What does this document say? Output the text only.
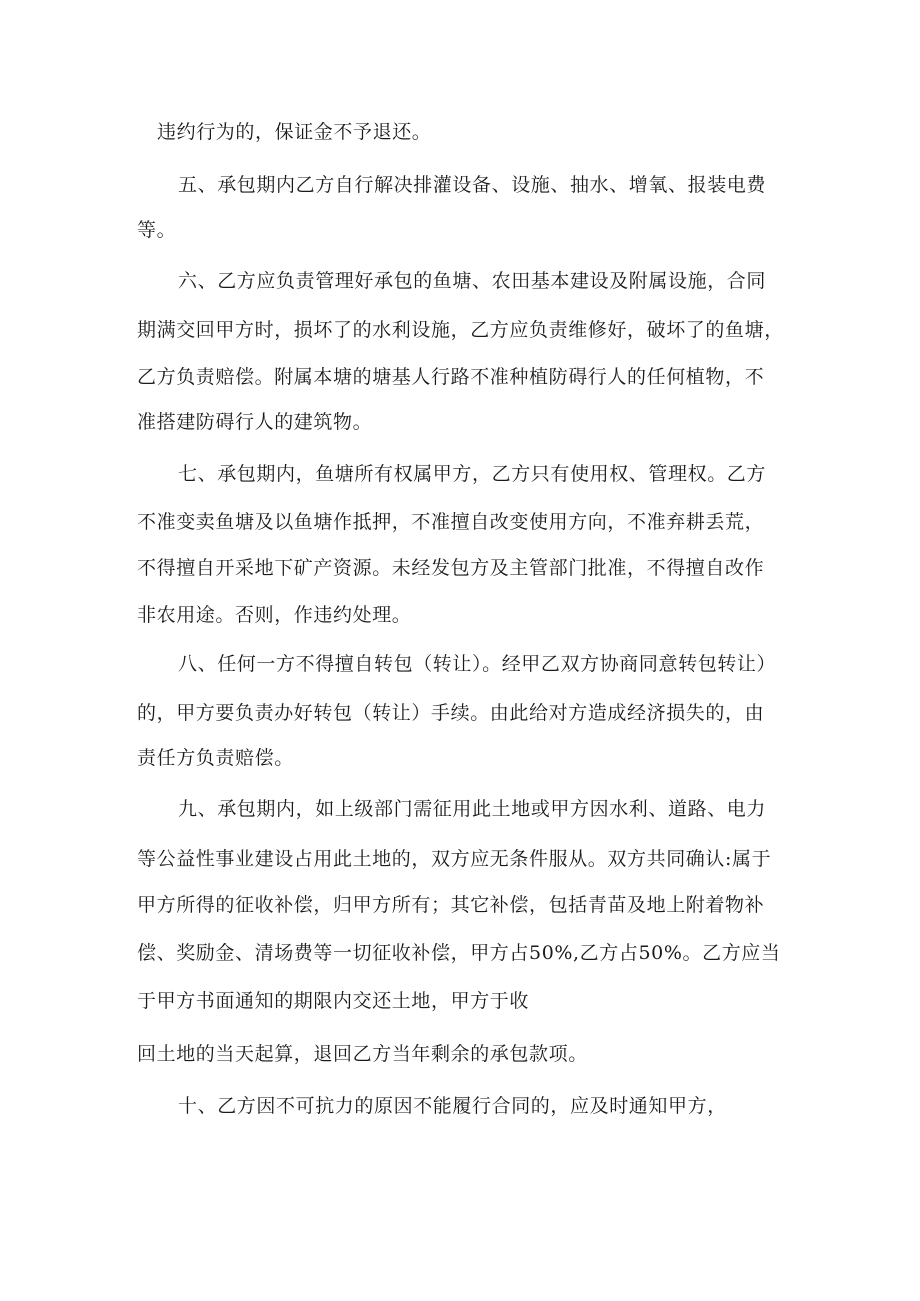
违约行为的，保证金不予退还。
五、承包期内乙方自行解决排灌设备、设施、抽水、增氧、报装电费
等。
六、乙方应负责管理好承包的鱼塘、农田基本建设及附属设施，合同
期满交回甲方时，损坏了的水利设施，乙方应负责维修好，破坏了的鱼塘，
乙方负责赔偿。附属本塘的塘基人行路不准种植防碍行人的任何植物，不
准搭建防碍行人的建筑物。
七、承包期内，鱼塘所有权属甲方，乙方只有使用权、管理权。乙方
不准变卖鱼塘及以鱼塘作抵押，不准擅自改变使用方向，不准弃耕丢荒，
不得擅自开采地下矿产资源。未经发包方及主管部门批准，不得擅自改作
非农用途。否则，作违约处理。
八、任何一方不得擅自转包（转让）。经甲乙双方协商同意转包转让）
的，甲方要负责办好转包（转让）手续。由此给对方造成经济损失的，由
责任方负责赔偿。
九、承包期内，如上级部门需征用此土地或甲方因水利、道路、电力
等公益性事业建设占用此土地的，双方应无条件服从。双方共同确认:属于
甲方所得的征收补偿，归甲方所有；其它补偿，包括青苗及地上附着物补
偿、奖励金、清场费等一切征收补偿，甲方占50%,乙方占50%。乙方应当
于甲方书面通知的期限内交还土地，甲方于收
回土地的当天起算，退回乙方当年剩余的承包款项。
十、乙方因不可抗力的原因不能履行合同的，应及时通知甲方，
